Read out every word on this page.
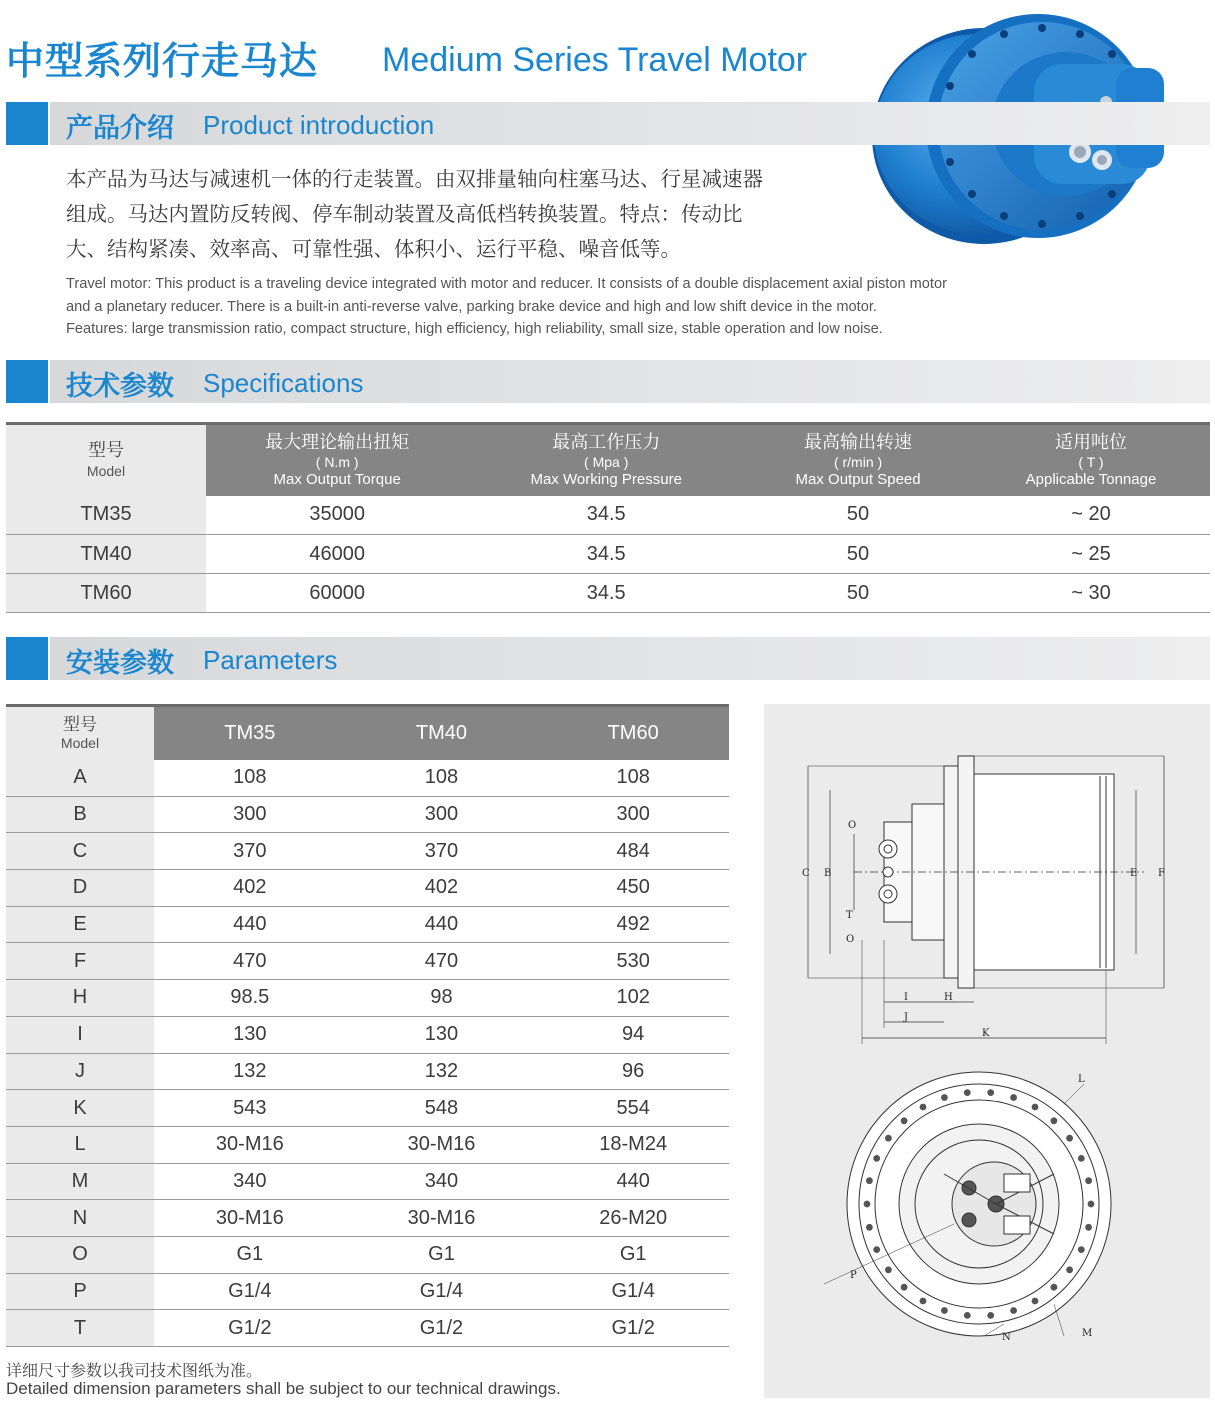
中型系列行走马达 Medium Series Travel Motor
产品介绍 Product introduction

本产品为马达与减速机一体的行走装置。由双排量轴向柱塞马达、行星减速器

组成。马达内置防反转阀、停车制动装置及高低档转换装置。特点：传动比

大、结构紧凑、效率高、可靠性强、体积小、运行平稳、噪音低等。

Travel motor: This product is a traveling device integrated with motor and reducer. It consists of a double displacement axial piston motor

and a planetary reducer. There is a built-in anti-reverse valve, parking brake device and high and low shift device in the motor.

Features: large transmission ratio, compact structure, high efficiency, high reliability, small size, stable operation and low noise.

技术参数 Specifications
型号
Model	最大理论输出扭矩
( N.m )
Max Output Torque	最高工作压力
( Mpa )
Max Working Pressure	最高输出转速
( r/min )
Max Output Speed	适用吨位
( T )
Applicable Tonnage

TM35	35000	34.5	50	~ 20
TM40	46000	34.5	50	~ 25
TM60	60000	34.5	50	~ 30
安装参数 Parameters
型号
Model	TM35	TM40	TM60
A	108	108	108
B	300	300	300
C	370	370	484
D	402	402	450
E	440	440	492
F	470	470	530
H	98.5	98	102
I	130	130	94
J	132	132	96
K	543	548	554
L	30-M16	30-M16	18-M24
M	340	340	440
N	30-M16	30-M16	26-M20
O	G1	G1	G1
P	G1/4	G1/4	G1/4
T	G1/2	G1/2	G1/2
详细尺寸参数以我司技术图纸为准。
Detailed dimension parameters shall be subject to our technical drawings.
O
T
O
C B	E F
I
J
H
K
L
P
N	M
